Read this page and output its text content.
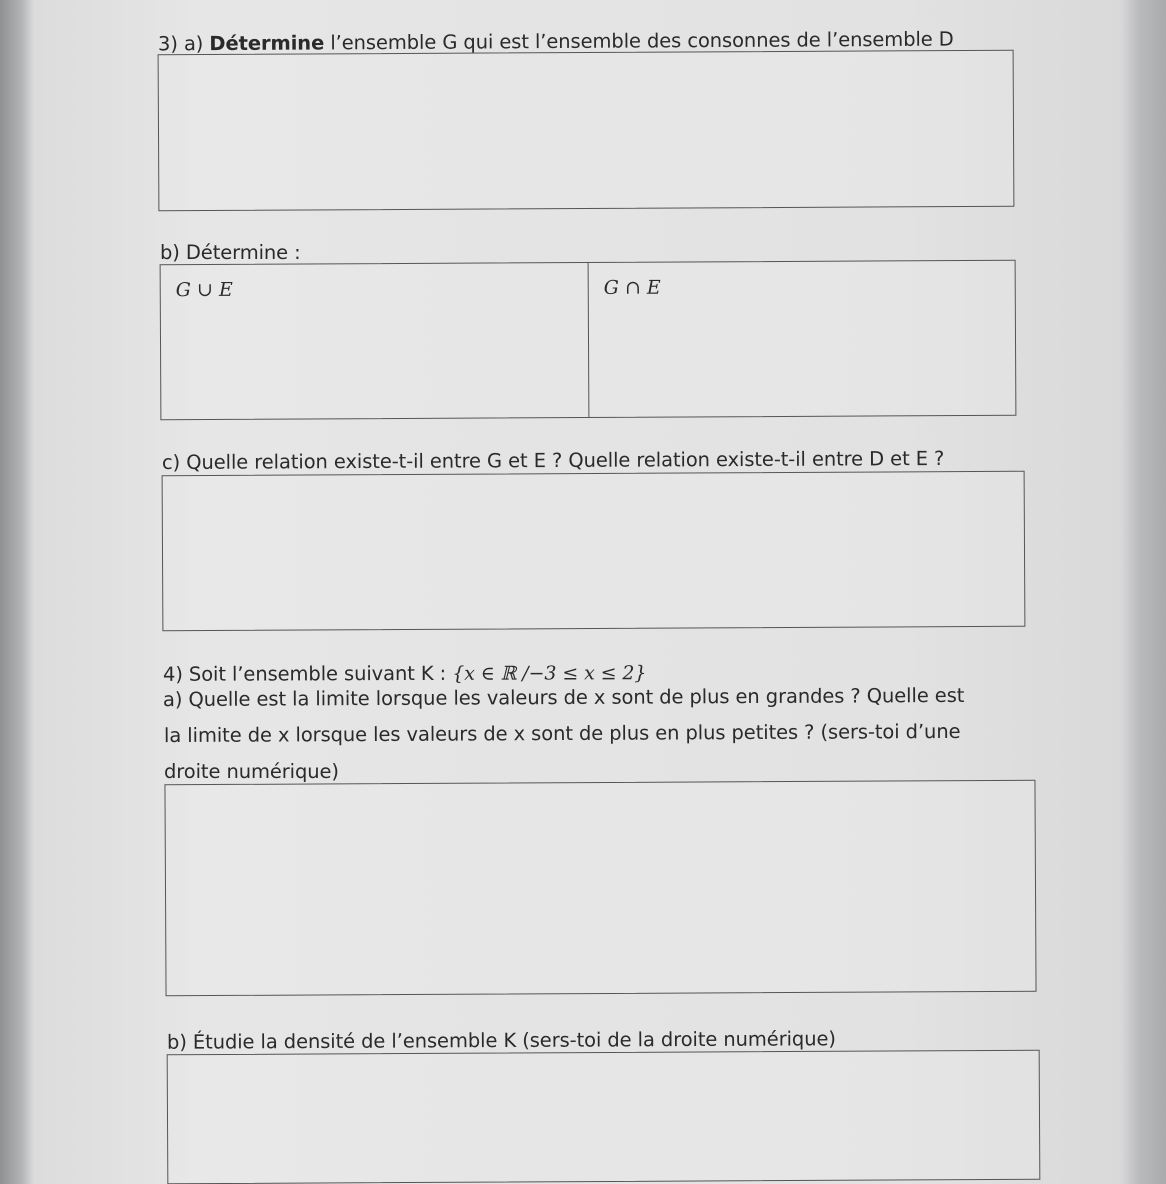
3) a) Détermine l’ensemble G qui est l’ensemble des consonnes de l’ensemble D
b) Détermine :
G ∪ E	G ∩ E
c) Quelle relation existe-t-il entre G et E ? Quelle relation existe-t-il entre D et E ?
4) Soit l’ensemble suivant K : {x ∈ ℝ /−3 ≤ x ≤ 2}
a) Quelle est la limite lorsque les valeurs de x sont de plus en grandes ? Quelle est
la limite de x lorsque les valeurs de x sont de plus en plus petites ? (sers-toi d’une
droite numérique)
b) Étudie la densité de l’ensemble K (sers-toi de la droite numérique)
